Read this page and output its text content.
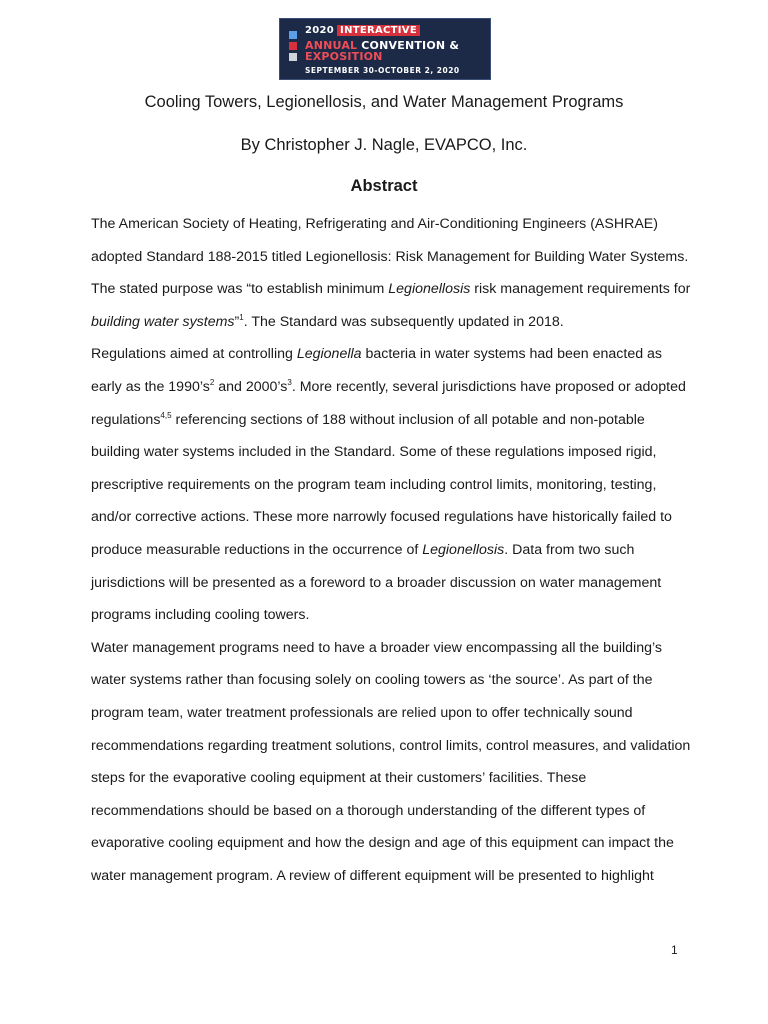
2020 INTERACTIVE
ANNUAL CONVENTION & EXPOSITION
SEPTEMBER 30-OCTOBER 2, 2020
Cooling Towers, Legionellosis, and Water Management Programs
By Christopher J. Nagle, EVAPCO, Inc.
Abstract

The American Society of Heating, Refrigerating and Air-Conditioning Engineers (ASHRAE)

adopted Standard 188-2015 titled Legionellosis: Risk Management for Building Water Systems.

The stated purpose was “to establish minimum Legionellosis risk management requirements for

building water systems”$^1$. The Standard was subsequently updated in 2018.

Regulations aimed at controlling Legionella bacteria in water systems had been enacted as

early as the $1990’s^2$ and $2000’s^3$. More recently, several jurisdictions have proposed or adopted

regulations$^{4,5}$ referencing sections of 188 without inclusion of all potable and non-potable

building water systems included in the Standard. Some of these regulations imposed rigid,

prescriptive requirements on the program team including control limits, monitoring, testing,

and/or corrective actions. These more narrowly focused regulations have historically failed to

produce measurable reductions in the occurrence of Legionellosis. Data from two such

jurisdictions will be presented as a foreword to a broader discussion on water management

programs including cooling towers.

Water management programs need to have a broader view encompassing all the building’s

water systems rather than focusing solely on cooling towers as ‘the source’. As part of the

program team, water treatment professionals are relied upon to offer technically sound

recommendations regarding treatment solutions, control limits, control measures, and validation

steps for the evaporative cooling equipment at their customers’ facilities. These

recommendations should be based on a thorough understanding of the different types of

evaporative cooling equipment and how the design and age of this equipment can impact the

water management program. A review of different equipment will be presented to highlight

1
